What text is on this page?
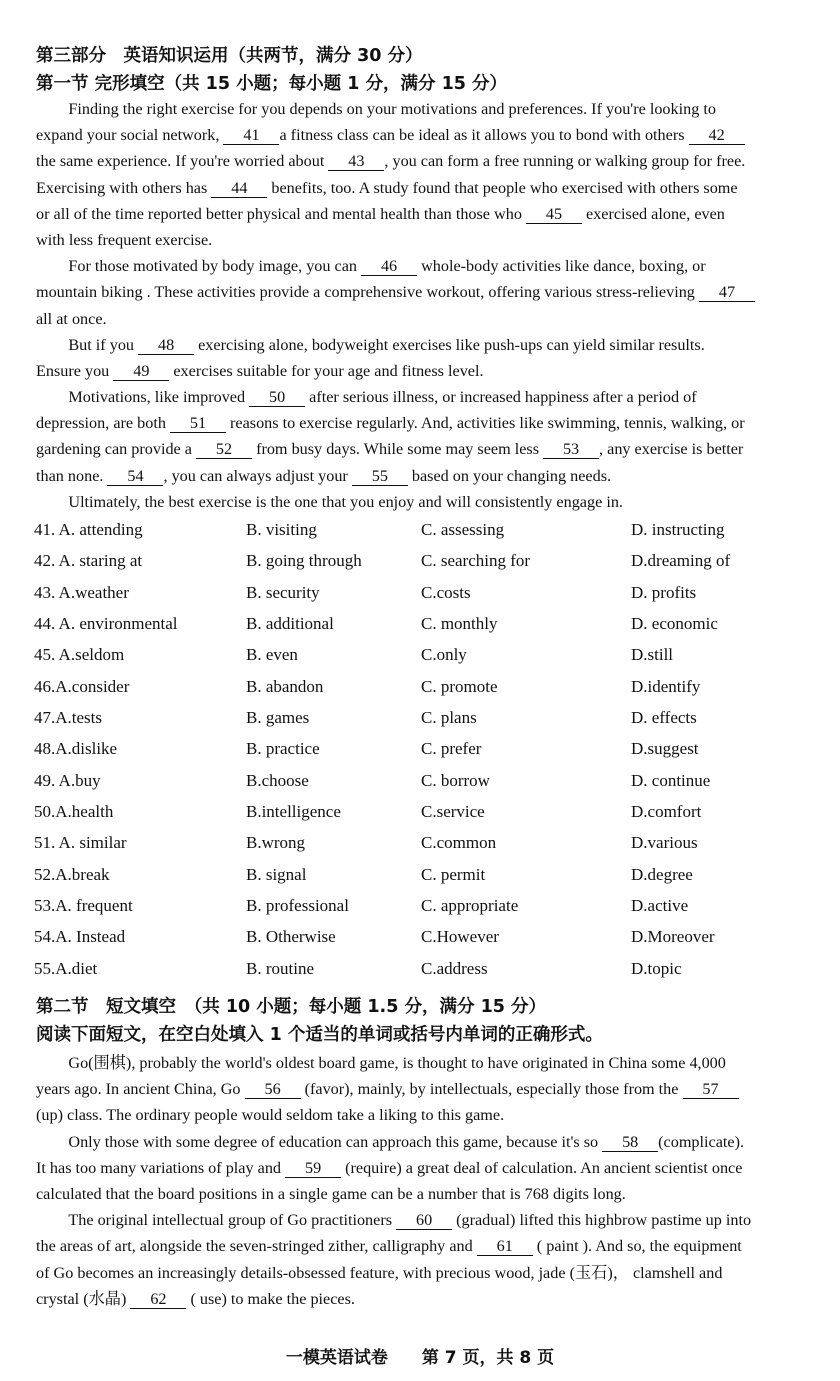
第三部分　英语知识运用（共两节，满分 30 分）
第一节 完形填空（共 15 小题；每小题 1 分，满分 15 分）
　　Finding the right exercise for you depends on your motivations and preferences. If you're looking to
expand your social network, 41 a fitness class can be ideal as it allows you to bond with others 42
the same experience. If you're worried about 43 , you can form a free running or walking group for free.
Exercising with others has 44 benefits, too. A study found that people who exercised with others some
or all of the time reported better physical and mental health than those who 45 exercised alone, even
with less frequent exercise.
　　For those motivated by body image, you can 46 whole-body activities like dance, boxing, or
mountain biking . These activities provide a comprehensive workout, offering various stress-relieving 47
all at once.
　　But if you 48 exercising alone, bodyweight exercises like push-ups can yield similar results.
Ensure you 49 exercises suitable for your age and fitness level.
　　Motivations, like improved 50 after serious illness, or increased happiness after a period of
depression, are both 51 reasons to exercise regularly. And, activities like swimming, tennis, walking, or
gardening can provide a 52 from busy days. While some may seem less 53 , any exercise is better
than none. 54 , you can always adjust your 55 based on your changing needs.
　　Ultimately, the best exercise is the one that you enjoy and will consistently engage in.
41. A. attending	B. visiting	C. assessing	D. instructing
42. A. staring at	B. going through	C. searching for	D.dreaming of
43. A.weather	B. security	C.costs	D. profits
44. A. environmental	B. additional	C. monthly	D. economic
45. A.seldom	B. even	C.only	D.still
46.A.consider	B. abandon	C. promote	D.identify
47.A.tests	B. games	C. plans	D. effects
48.A.dislike	B. practice	C. prefer	D.suggest
49. A.buy	B.choose	C. borrow	D. continue
50.A.health	B.intelligence	C.service	D.comfort
51. A. similar	B.wrong	C.common	D.various
52.A.break	B. signal	C. permit	D.degree
53.A. frequent	B. professional	C. appropriate	D.active
54.A. Instead	B. Otherwise	C.However	D.Moreover
55.A.diet	B. routine	C.address	D.topic
第二节　短文填空　（共 10 小题；每小题 1.5 分，满分 15 分）
阅读下面短文，在空白处填入 1 个适当的单词或括号内单词的正确形式。
　　Go(围棋), probably the world's oldest board game, is thought to have originated in China some 4,000
years ago. In ancient China, Go 56 (favor), mainly, by intellectuals, especially those from the 57
(up) class. The ordinary people would seldom take a liking to this game.
　　Only those with some degree of education can approach this game, because it's so 58 (complicate).
It has too many variations of play and 59 (require) a great deal of calculation. An ancient scientist once
calculated that the board positions in a single game can be a number that is 768 digits long.
　　The original intellectual group of Go practitioners 60 (gradual) lifted this highbrow pastime up into
the areas of art, alongside the seven-stringed zither, calligraphy and 61 ( paint ). And so, the equipment
of Go becomes an increasingly details-obsessed feature, with precious wood, jade (玉石)， clamshell and
crystal (水晶) 62 ( use) to make the pieces.
一模英语试卷　　第 7 页，共 8 页
